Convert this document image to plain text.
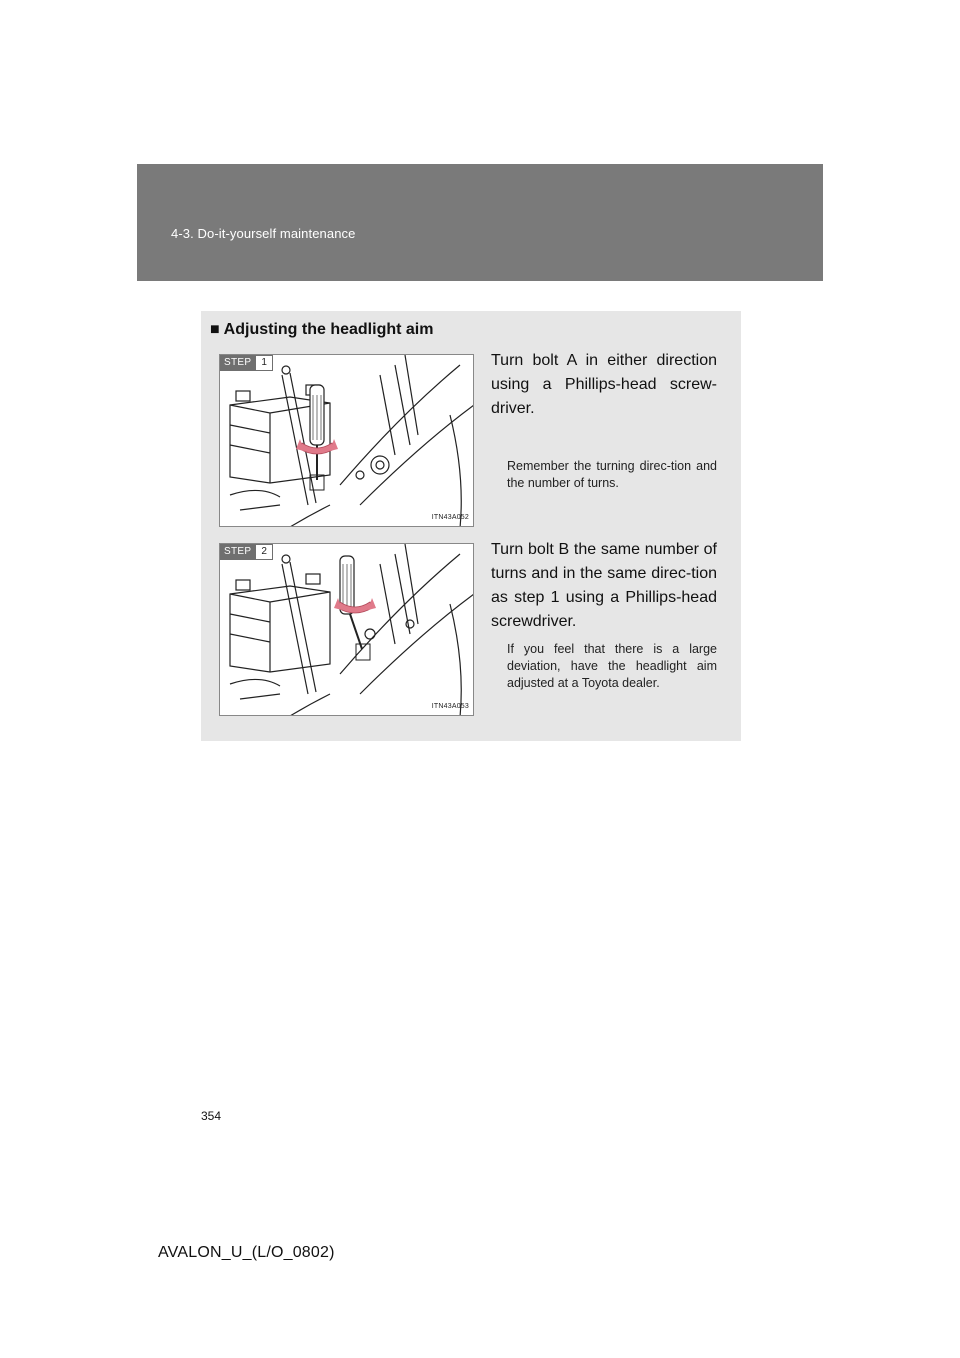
4-3. Do-it-yourself maintenance
■ Adjusting the headlight aim
STEP	1
ITN43A052
Turn bolt A in either direction using a Phillips-head screw-driver.
Remember the turning direc-tion and the number of turns.
STEP	2
ITN43A053
Turn bolt B the same number of turns and in the same direc-tion as step 1 using a Phillips-head screwdriver.
If you feel that there is a large deviation, have the headlight aim adjusted at a Toyota dealer.
354
AVALON_U_(L/O_0802)
